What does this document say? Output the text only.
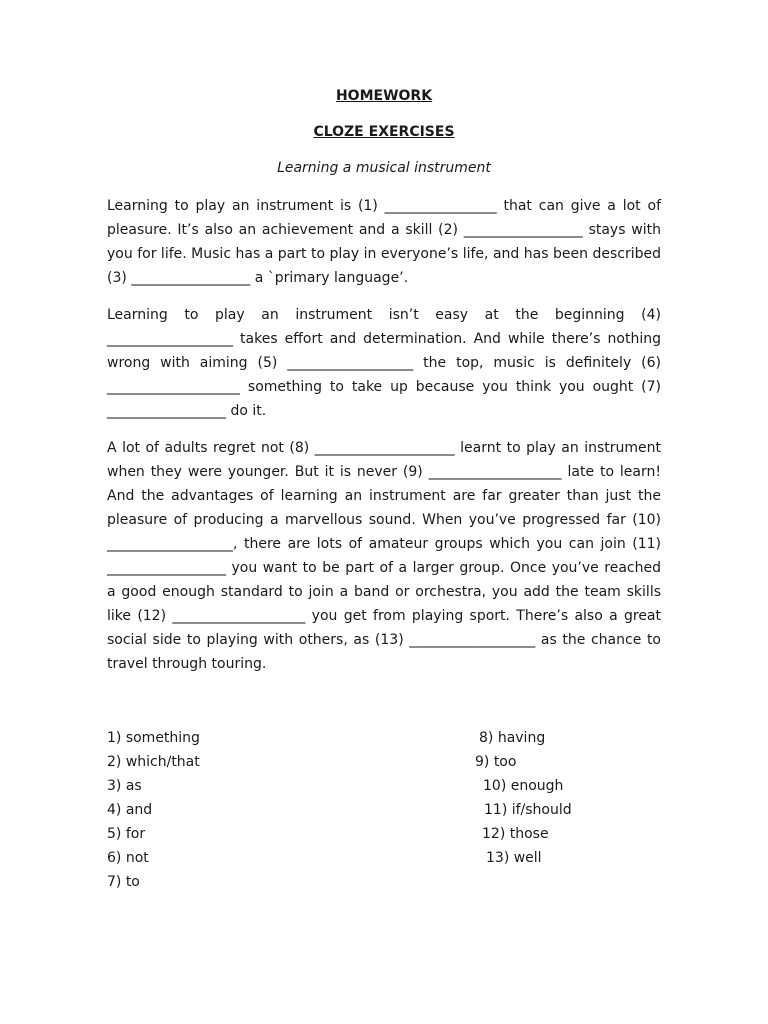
HOMEWORK
CLOZE EXERCISES
Learning a musical instrument

Learning to play an instrument is (1) ________________ that can give a lot of pleasure. It’s also an achievement and a skill (2) _________________ stays with you for life. Music has a part to play in everyone’s life, and has been described (3) _________________ a `primary language’.

Learning to play an instrument isn’t easy at the beginning (4) __________________ takes effort and determination. And while there’s nothing wrong with aiming (5) __________________ the top, music is definitely (6) ___________________ something to take up because you think you ought (7) _________________ do it.

A lot of adults regret not (8) ____________________ learnt to play an instrument when they were younger. But it is never (9) ___________________ late to learn! And the advantages of learning an instrument are far greater than just the pleasure of producing a marvellous sound. When you’ve progressed far (10) __________________, there are lots of amateur groups which you can join (11) _________________ you want to be part of a larger group. Once you’ve reached a good enough standard to join a band or orchestra, you add the team skills like (12) ___________________ you get from playing sport. There’s also a great social side to playing with others, as (13) __________________ as the chance to travel through touring.

1) something
2) which/that
3) as
4) and
5) for
6) not
7) to
8) having
9) too
10) enough
11) if/should
12) those
13) well
